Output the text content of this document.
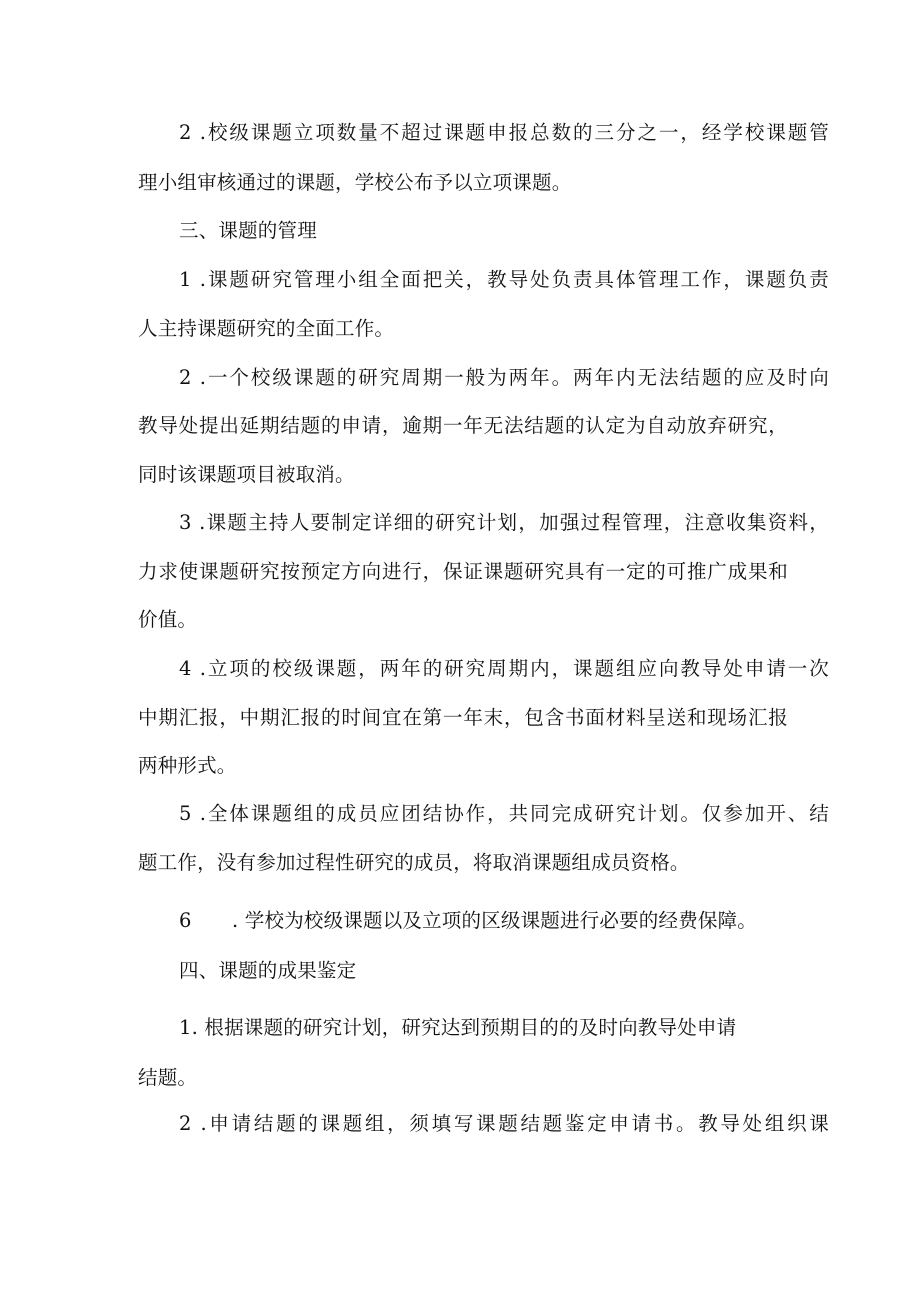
2 .校级课题立项数量不超过课题申报总数的三分之一，经学校课题管
理小组审核通过的课题，学校公布予以立项课题。
三、课题的管理
1 .课题研究管理小组全面把关，教导处负责具体管理工作，课题负责
人主持课题研究的全面工作。
2 .一个校级课题的研究周期一般为两年。两年内无法结题的应及时向
教导处提出延期结题的申请，逾期一年无法结题的认定为自动放弃研究，
同时该课题项目被取消。
3 .课题主持人要制定详细的研究计划，加强过程管理，注意收集资料，
力求使课题研究按预定方向进行，保证课题研究具有一定的可推广成果和
价值。
4 .立项的校级课题，两年的研究周期内，课题组应向教导处申请一次
中期汇报，中期汇报的时间宜在第一年末，包含书面材料呈送和现场汇报
两种形式。
5 .全体课题组的成员应团结协作，共同完成研究计划。仅参加开、结
题工作，没有参加过程性研究的成员，将取消课题组成员资格。
6	. 学校为校级课题以及立项的区级课题进行必要的经费保障。
四、课题的成果鉴定
1. 根据课题的研究计划，研究达到预期目的的及时向教导处申请
结题。
2 .申请结题的课题组，须填写课题结题鉴定申请书。教导处组织课
